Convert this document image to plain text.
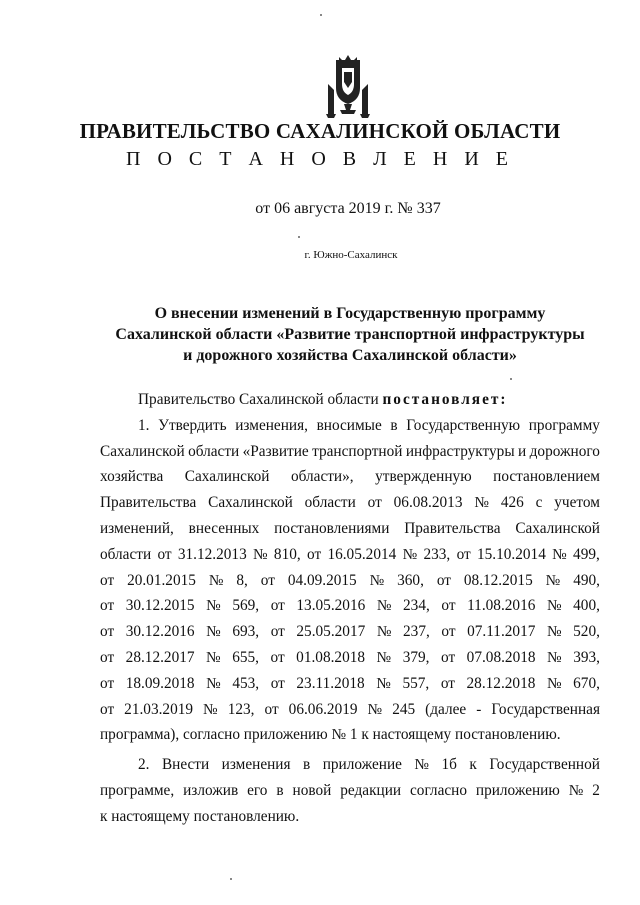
ПРАВИТЕЛЬСТВО САХАЛИНСКОЙ ОБЛАСТИ
П О С Т А Н О В Л Е Н И Е
от 06 августа 2019 г. № 337
г. Южно-Сахалинск
О внесении изменений в Государственную программу
Сахалинской области «Развитие транспортной инфраструктуры
и дорожного хозяйства Сахалинской области»
Правительство Сахалинской области постановляет:
1. Утвердить изменения, вносимые в Государственную программу
Сахалинской области «Развитие транспортной инфраструктуры и дорожного
хозяйства Сахалинской области», утвержденную постановлением
Правительства Сахалинской области от 06.08.2013 № 426 с учетом
изменений, внесенных постановлениями Правительства Сахалинской
области от 31.12.2013 № 810, от 16.05.2014 № 233, от 15.10.2014 № 499,
от 20.01.2015 № 8, от 04.09.2015 № 360, от 08.12.2015 № 490,
от 30.12.2015 № 569, от 13.05.2016 № 234, от 11.08.2016 № 400,
от 30.12.2016 № 693, от 25.05.2017 № 237, от 07.11.2017 № 520,
от 28.12.2017 № 655, от 01.08.2018 № 379, от 07.08.2018 № 393,
от 18.09.2018 № 453, от 23.11.2018 № 557, от 28.12.2018 № 670,
от 21.03.2019 № 123, от 06.06.2019 № 245 (далее - Государственная
программа), согласно приложению № 1 к настоящему постановлению.
2. Внести изменения в приложение № 1б к Государственной
программе, изложив его в новой редакции согласно приложению № 2
к настоящему постановлению.
